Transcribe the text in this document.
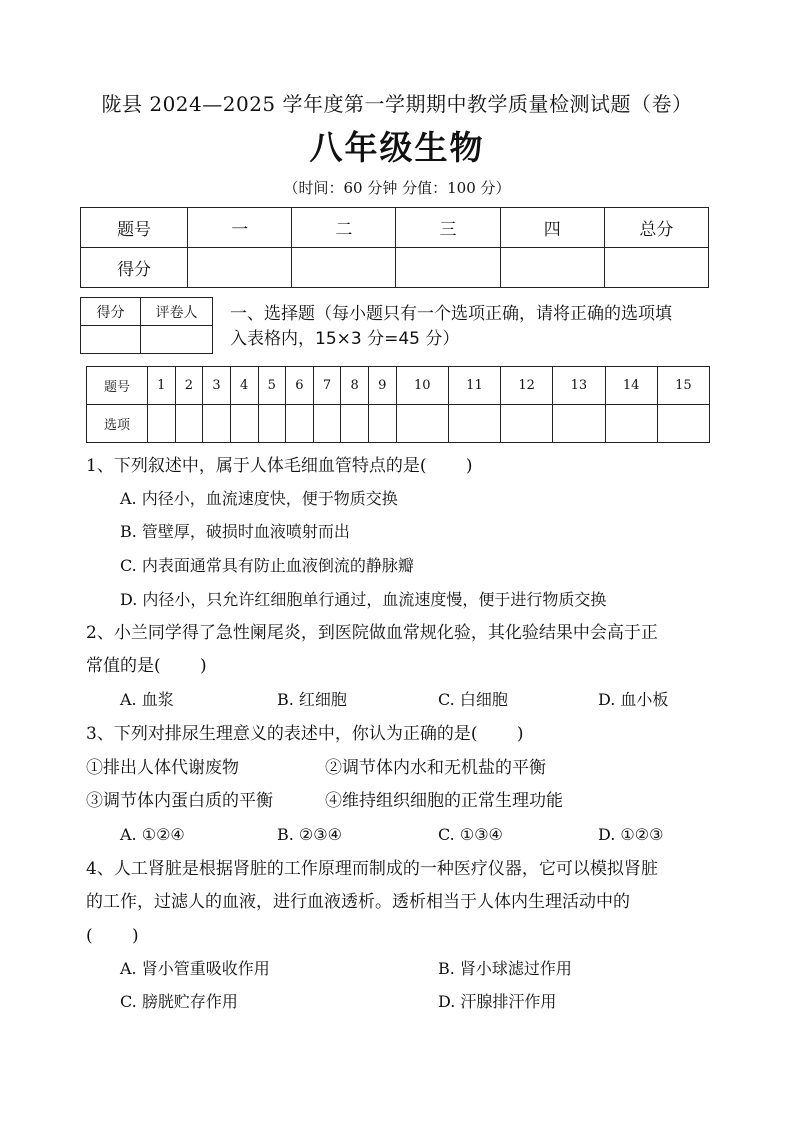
陇县 2024—2025 学年度第一学期期中教学质量检测试题（卷）
八年级生物
（时间：60 分钟 分值：100 分）
题号	一	二	三	四	总分
得分					
得分	评卷人
	一、选择题（每小题只有一个选项正确，请将正确的选项填
入表格内，15×3 分=45 分）
题号	1	2	3	4	5	6	7	8	9	10	11	12	13	14	15
选项															
1、下列叙述中，属于人体毛细血管特点的是(　　 )
A. 内径小，血流速度快，便于物质交换
B. 管壁厚，破损时血液喷射而出
C. 内表面通常具有防止血液倒流的静脉瓣
D. 内径小，只允许红细胞单行通过，血流速度慢，便于进行物质交换
2、小兰同学得了急性阑尾炎，到医院做血常规化验，其化验结果中会高于正
常值的是(　　 )
A. 血浆	B. 红细胞	C. 白细胞	D. 血小板
3、下列对排尿生理意义的表述中，你认为正确的是(　　 )
①排出人体代谢废物	②调节体内水和无机盐的平衡
③调节体内蛋白质的平衡	④维持组织细胞的正常生理功能
A. ①②④	B. ②③④	C. ①③④	D. ①②③
4、人工肾脏是根据肾脏的工作原理而制成的一种医疗仪器，它可以模拟肾脏
的工作，过滤人的血液，进行血液透析。透析相当于人体内生理活动中的
(　　 )
A. 肾小管重吸收作用	B. 肾小球滤过作用
C. 膀胱贮存作用	D. 汗腺排汗作用
